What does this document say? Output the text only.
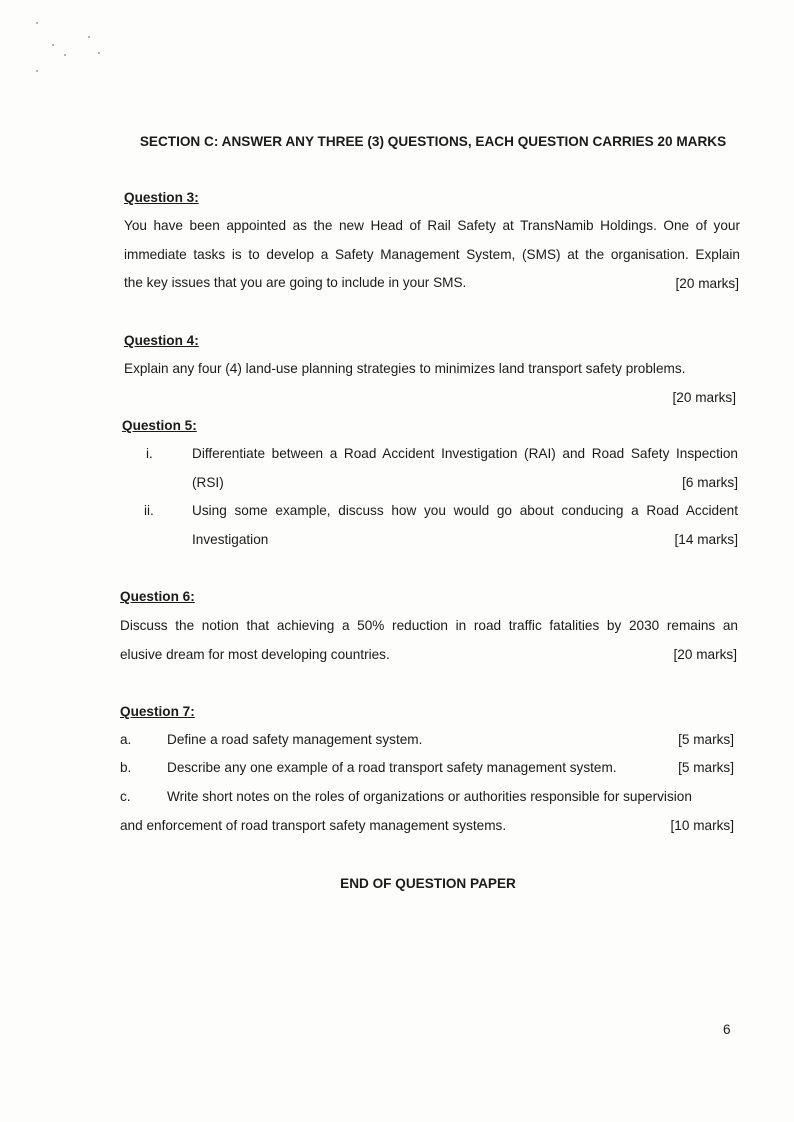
SECTION C: ANSWER ANY THREE (3) QUESTIONS, EACH QUESTION CARRIES 20 MARKS
Question 3:
You have been appointed as the new Head of Rail Safety at TransNamib Holdings. One of your
immediate tasks is to develop a Safety Management System, (SMS) at the organisation. Explain
the key issues that you are going to include in your SMS.	[20 marks]
Question 4:
Explain any four (4) land-use planning strategies to minimizes land transport safety problems.
[20 marks]
Question 5:
i.	Differentiate between a Road Accident Investigation (RAI) and Road Safety Inspection
(RSI)	[6 marks]
ii.	Using some example, discuss how you would go about conducing a Road Accident
Investigation	[14 marks]
Question 6:
Discuss the notion that achieving a 50% reduction in road traffic fatalities by 2030 remains an
elusive dream for most developing countries.	[20 marks]
Question 7:
a.	Define a road safety management system.	[5 marks]
b.	Describe any one example of a road transport safety management system.	[5 marks]
c.	Write short notes on the roles of organizations or authorities responsible for supervision
and enforcement of road transport safety management systems.	[10 marks]
END OF QUESTION PAPER
6
